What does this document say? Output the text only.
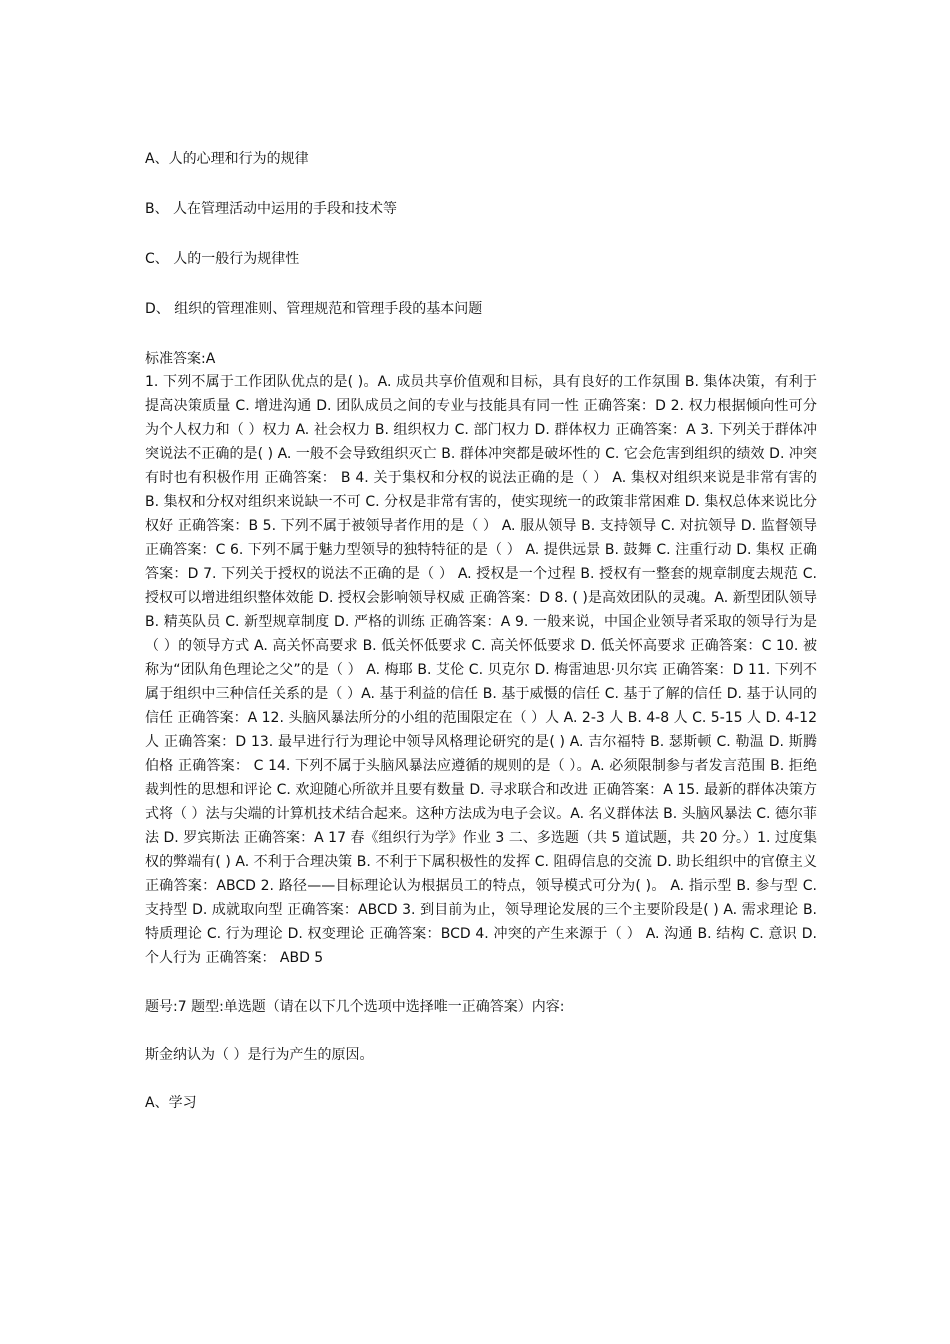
A、人的心理和行为的规律

B、 人在管理活动中运用的手段和技术等

C、 人的一般行为规律性

D、 组织的管理准则、管理规范和管理手段的基本问题

标准答案:A

1. 下列不属于工作团队优点的是( )。A. 成员共享价值观和目标，具有良好的工作氛围 B. 集体决策，有利于提高决策质量 C. 增进沟通 D. 团队成员之间的专业与技能具有同一性 正确答案：D 2. 权力根据倾向性可分为个人权力和（ ）权力 A. 社会权力 B. 组织权力 C. 部门权力 D. 群体权力 正确答案：A 3. 下列关于群体冲突说法不正确的是( ) A. 一般不会导致组织灭亡 B. 群体冲突都是破坏性的 C. 它会危害到组织的绩效 D. 冲突有时也有积极作用 正确答案： B 4. 关于集权和分权的说法正确的是（ ） A. 集权对组织来说是非常有害的 B. 集权和分权对组织来说缺一不可 C. 分权是非常有害的，使实现统一的政策非常困难 D. 集权总体来说比分权好 正确答案：B 5. 下列不属于被领导者作用的是（ ） A. 服从领导 B. 支持领导 C. 对抗领导 D. 监督领导 正确答案：C 6. 下列不属于魅力型领导的独特特征的是（ ） A. 提供远景 B. 鼓舞 C. 注重行动 D. 集权 正确答案：D 7. 下列关于授权的说法不正确的是（ ） A. 授权是一个过程 B. 授权有一整套的规章制度去规范 C. 授权可以增进组织整体效能 D. 授权会影响领导权威 正确答案：D 8. ( )是高效团队的灵魂。A. 新型团队领导 B. 精英队员 C. 新型规章制度 D. 严格的训练 正确答案：A 9. 一般来说，中国企业领导者采取的领导行为是（ ）的领导方式 A. 高关怀高要求 B. 低关怀低要求 C. 高关怀低要求 D. 低关怀高要求 正确答案：C 10. 被称为“团队角色理论之父”的是（ ） A. 梅耶 B. 艾伦 C. 贝克尔 D. 梅雷迪思·贝尔宾 正确答案：D 11. 下列不属于组织中三种信任关系的是（ ）A. 基于利益的信任 B. 基于威慑的信任 C. 基于了解的信任 D. 基于认同的信任 正确答案：A 12. 头脑风暴法所分的小组的范围限定在（ ）人 A. 2-3 人 B. 4-8 人 C. 5-15 人 D. 4-12 人 正确答案：D 13. 最早进行行为理论中领导风格理论研究的是( ) A. 吉尔福特 B. 瑟斯顿 C. 勒温 D. 斯腾伯格 正确答案： C 14. 下列不属于头脑风暴法应遵循的规则的是（ ）。A. 必须限制参与者发言范围 B. 拒绝裁判性的思想和评论 C. 欢迎随心所欲并且要有数量 D. 寻求联合和改进 正确答案：A 15. 最新的群体决策方式将（ ）法与尖端的计算机技术结合起来。这种方法成为电子会议。A. 名义群体法 B. 头脑风暴法 C. 德尔菲法 D. 罗宾斯法 正确答案：A 17 春《组织行为学》作业 3 二、多选题（共 5 道试题，共 20 分。）1. 过度集权的弊端有( ) A. 不利于合理决策 B. 不利于下属积极性的发挥 C. 阻碍信息的交流 D. 助长组织中的官僚主义 正确答案：ABCD 2. 路径——目标理论认为根据员工的特点，领导模式可分为( )。 A. 指示型 B. 参与型 C. 支持型 D. 成就取向型 正确答案：ABCD 3. 到目前为止，领导理论发展的三个主要阶段是( ) A. 需求理论 B. 特质理论 C. 行为理论 D. 权变理论 正确答案：BCD 4. 冲突的产生来源于（ ） A. 沟通 B. 结构 C. 意识 D. 个人行为 正确答案： ABD 5

题号:7 题型:单选题（请在以下几个选项中选择唯一正确答案）内容:

斯金纳认为（ ）是行为产生的原因。

A、学习
